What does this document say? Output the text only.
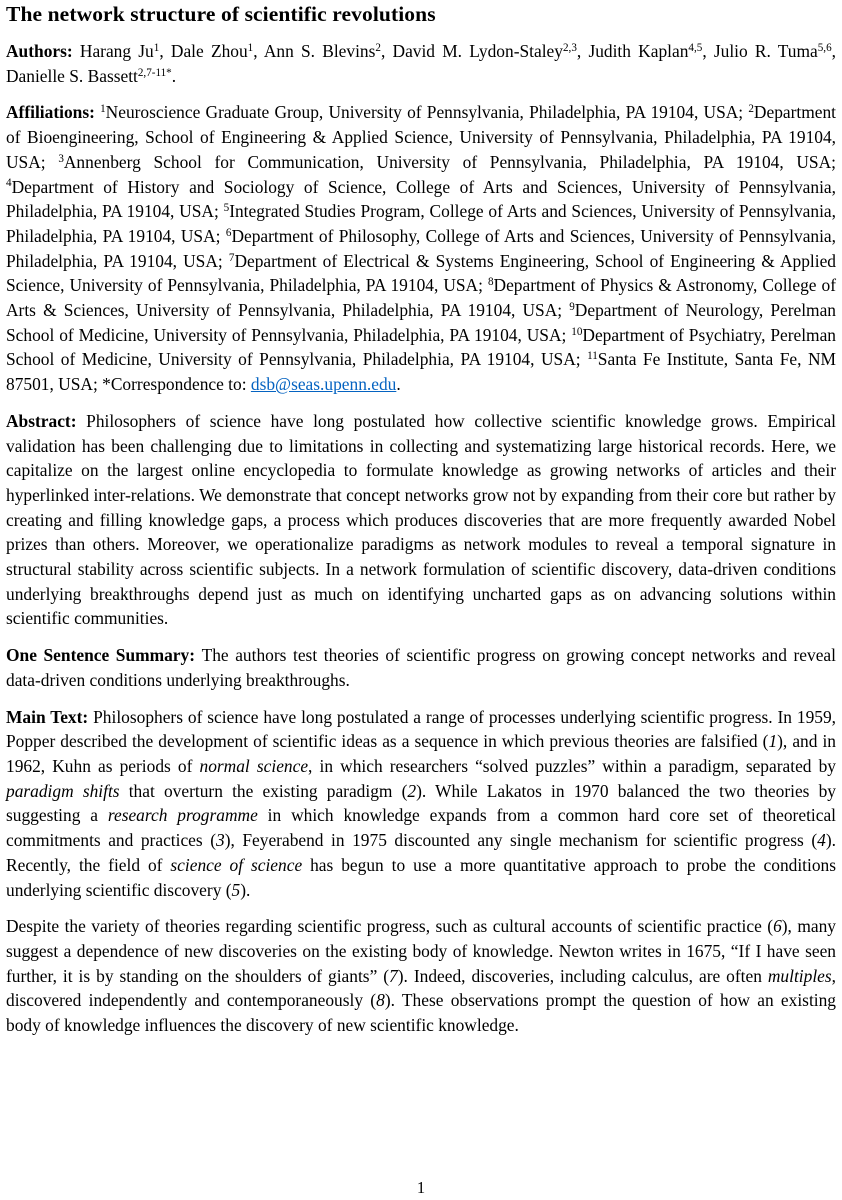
The network structure of scientific revolutions

Authors: Harang Ju$^1$, Dale Zhou$^1$, Ann S. Blevins$^2$, David M. Lydon-Staley$^{2,3}$, Judith Kaplan$^{4,5}$, Julio R. Tuma$^{5,6}$, Danielle S. Bassett$^{2,7-11*}$.

Affiliations: $^1$Neuroscience Graduate Group, University of Pennsylvania, Philadelphia, PA 19104, USA; $^2$Department of Bioengineering, School of Engineering & Applied Science, University of Pennsylvania, Philadelphia, PA 19104, USA; $^3$Annenberg School for Communication, University of Pennsylvania, Philadelphia, PA 19104, USA; $^4$Department of History and Sociology of Science, College of Arts and Sciences, University of Pennsylvania, Philadelphia, PA 19104, USA; $^5$Integrated Studies Program, College of Arts and Sciences, University of Pennsylvania, Philadelphia, PA 19104, USA; $^6$Department of Philosophy, College of Arts and Sciences, University of Pennsylvania, Philadelphia, PA 19104, USA; $^7$Department of Electrical & Systems Engineering, School of Engineering & Applied Science, University of Pennsylvania, Philadelphia, PA 19104, USA; $^8$Department of Physics & Astronomy, College of Arts & Sciences, University of Pennsylvania, Philadelphia, PA 19104, USA; $^9$Department of Neurology, Perelman School of Medicine, University of Pennsylvania, Philadelphia, PA 19104, USA; $^{10}$Department of Psychiatry, Perelman School of Medicine, University of Pennsylvania, Philadelphia, PA 19104, USA; $^{11}$Santa Fe Institute, Santa Fe, NM 87501, USA; *Correspondence to: dsb@seas.upenn.edu.

Abstract: Philosophers of science have long postulated how collective scientific knowledge grows. Empirical validation has been challenging due to limitations in collecting and systematizing large historical records. Here, we capitalize on the largest online encyclopedia to formulate knowledge as growing networks of articles and their hyperlinked inter-relations. We demonstrate that concept networks grow not by expanding from their core but rather by creating and filling knowledge gaps, a process which produces discoveries that are more frequently awarded Nobel prizes than others. Moreover, we operationalize paradigms as network modules to reveal a temporal signature in structural stability across scientific subjects. In a network formulation of scientific discovery, data-driven conditions underlying breakthroughs depend just as much on identifying uncharted gaps as on advancing solutions within scientific communities.

One Sentence Summary: The authors test theories of scientific progress on growing concept networks and reveal data-driven conditions underlying breakthroughs.

Main Text: Philosophers of science have long postulated a range of processes underlying scientific progress. In 1959, Popper described the development of scientific ideas as a sequence in which previous theories are falsified (1), and in 1962, Kuhn as periods of normal science, in which researchers “solved puzzles” within a paradigm, separated by paradigm shifts that overturn the existing paradigm (2). While Lakatos in 1970 balanced the two theories by suggesting a research programme in which knowledge expands from a common hard core set of theoretical commitments and practices (3), Feyerabend in 1975 discounted any single mechanism for scientific progress (4). Recently, the field of science of science has begun to use a more quantitative approach to probe the conditions underlying scientific discovery (5).

Despite the variety of theories regarding scientific progress, such as cultural accounts of scientific practice (6), many suggest a dependence of new discoveries on the existing body of knowledge. Newton writes in 1675, “If I have seen further, it is by standing on the shoulders of giants” (7). Indeed, discoveries, including calculus, are often multiples, discovered independently and contemporaneously (8). These observations prompt the question of how an existing body of knowledge influences the discovery of new scientific knowledge.

1
